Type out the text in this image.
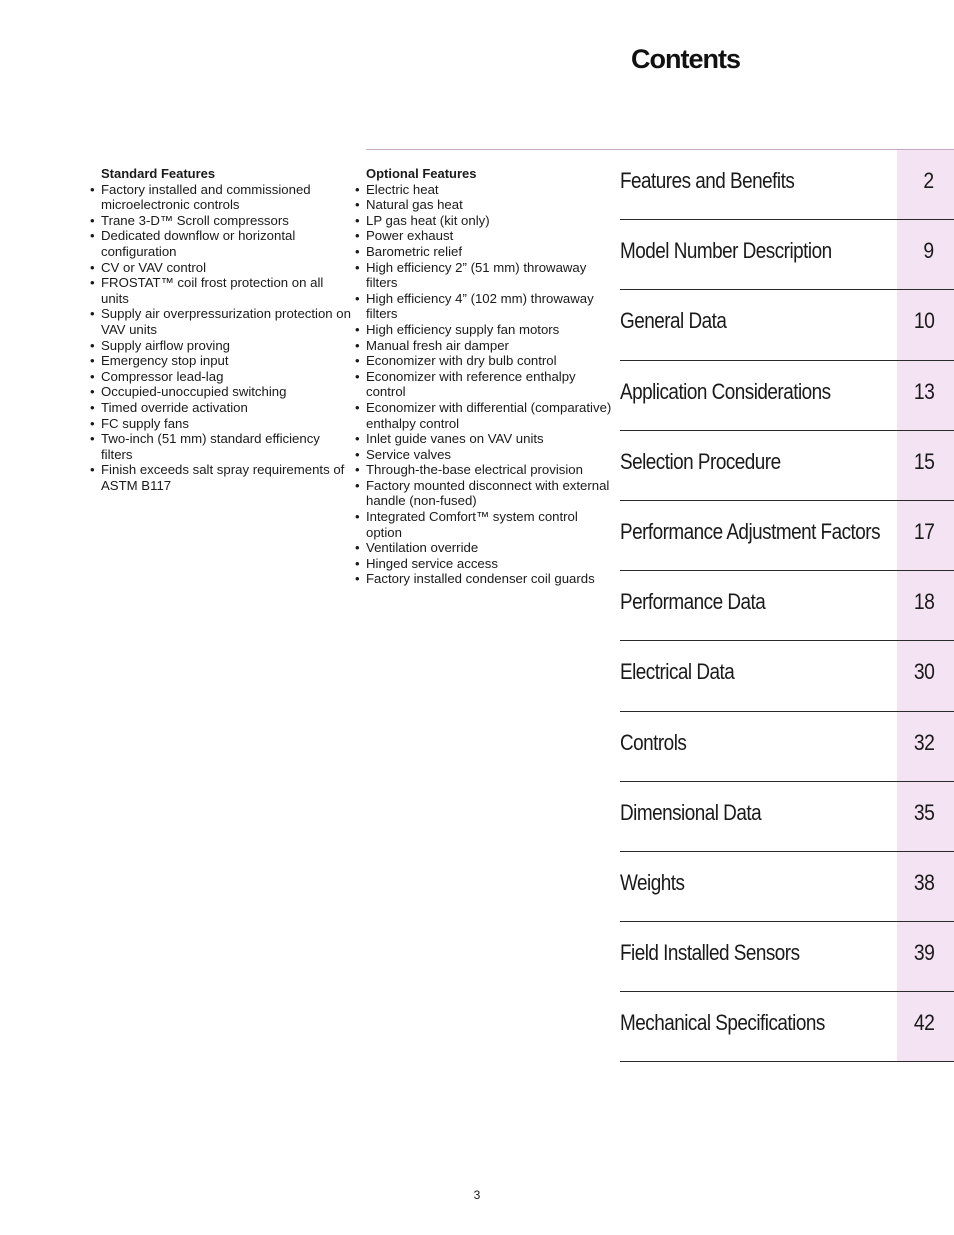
Contents
Standard Features
• Factory installed and commissioned microelectronic controls
• Trane 3-D™ Scroll compressors
• Dedicated downflow or horizontal configuration
• CV or VAV control
• FROSTAT™ coil frost protection on all units
• Supply air overpressurization protection on VAV units
• Supply airflow proving
• Emergency stop input
• Compressor lead-lag
• Occupied-unoccupied switching
• Timed override activation
• FC supply fans
• Two-inch (51 mm) standard efficiency filters
• Finish exceeds salt spray requirements of ASTM B117
Optional Features
• Electric heat
• Natural gas heat
• LP gas heat (kit only)
• Power exhaust
• Barometric relief
• High efficiency 2” (51 mm) throwaway filters
• High efficiency 4” (102 mm) throwaway filters
• High efficiency supply fan motors
• Manual fresh air damper
• Economizer with dry bulb control
• Economizer with reference enthalpy control
• Economizer with differential (comparative) enthalpy control
• Inlet guide vanes on VAV units
• Service valves
• Through-the-base electrical provision
• Factory mounted disconnect with external handle (non-fused)
• Integrated Comfort™ system control option
• Ventilation override
• Hinged service access
• Factory installed condenser coil guards
Features and Benefits	2
Model Number Description	9
General Data	10
Application Considerations	13
Selection Procedure	15
Performance Adjustment Factors 17
Performance Data	18
Electrical Data	30
Controls	32
Dimensional Data	35
Weights	38
Field Installed Sensors	39
Mechanical Specifications	42
3
